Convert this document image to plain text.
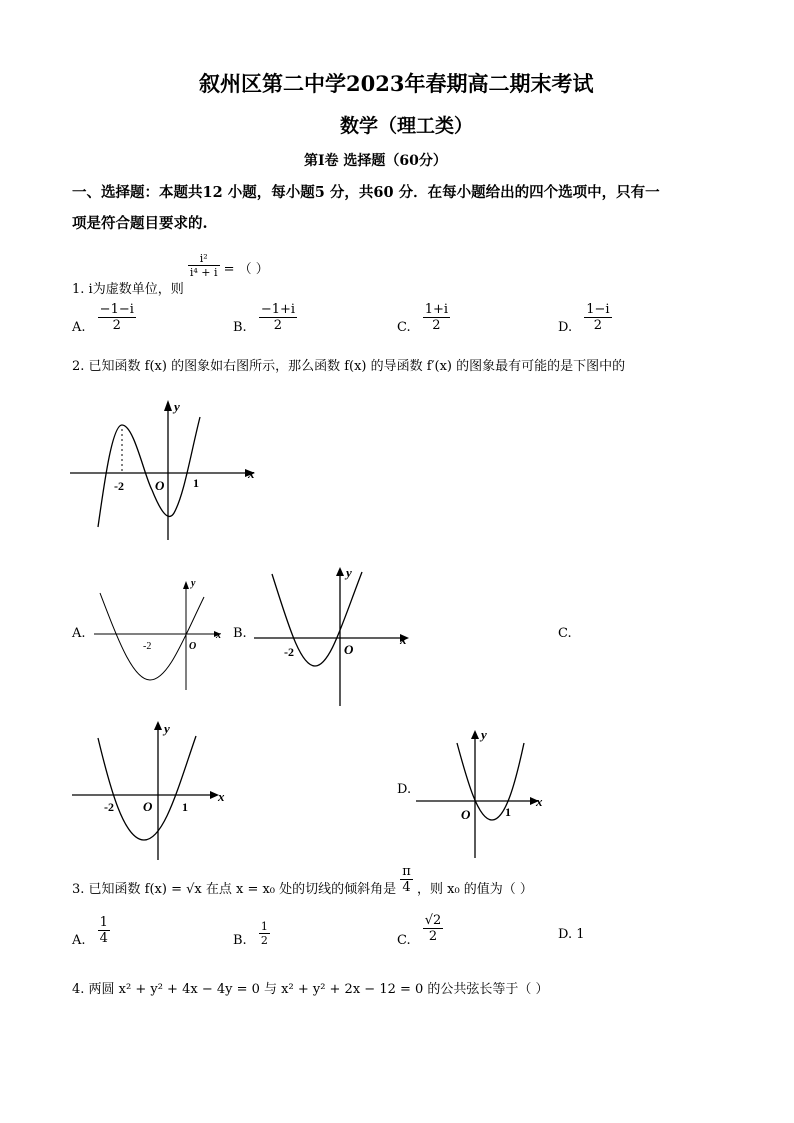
叙州区第二中学2023年春期高二期末考试
数学（理工类）
第I卷 选择题（60分）
一、选择题：本题共12 小题，每小题5 分，共60 分．在每小题给出的四个选项中，只有一
项是符合题目要求的.
1. i为虚数单位，则
$\frac{\text{i²}}{\text{i⁴ + i}}$ = （ ）
A. $\frac{-1-i}{2}$	B. $\frac{-1+i}{2}$	C. $\frac{1+i}{2}$	D. $\frac{1-i}{2}$
2. 已知函数 f(x) 的图象如右图所示，那么函数 f(x) 的导函数 f′(x) 的图象最有可能的是下图中的
x
y
O
-2	1
A.	x
y
O
-2
B.	x
y
O
-2
C.
x
y
O
-2	1
D.
x
y
O	1
3. 已知函数 f(x) = √x 在点 x = x₀ 处的切线的倾斜角是 $\frac{\pi}{4}$ ，则 x₀ 的值为（ ）
A. $\frac{1}{4}$	B. $\frac{1}{2}$	C. $\frac{√2}{2}$	D. 1
4. 两圆 x² + y² + 4x − 4y = 0 与 x² + y² + 2x − 12 = 0 的公共弦长等于（ ）
